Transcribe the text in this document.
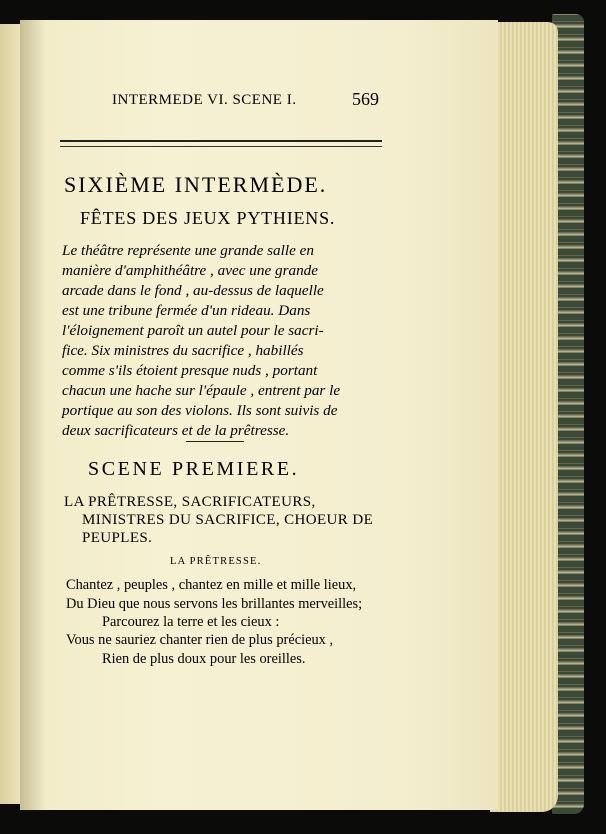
INTERMEDE VI. SCENE I.	569
SIXIÈME INTERMÈDE.
FÊTES DES JEUX PYTHIENS.
Le théâtre représente une grande salle en
manière d'amphithéâtre , avec une grande
arcade dans le fond , au-dessus de laquelle
est une tribune fermée d'un rideau. Dans
l'éloignement paroît un autel pour le sacri-
fice. Six ministres du sacrifice , habillés
comme s'ils étoient presque nuds , portant
chacun une hache sur l'épaule , entrent par le
portique au son des violons. Ils sont suivis de
deux sacrificateurs et de la prêtresse.
SCENE PREMIERE.
LA PRÊTRESSE, SACRIFICATEURS,
MINISTRES DU SACRIFICE, CHOEUR DE
PEUPLES.
LA PRÊTRESSE.
Chantez , peuples , chantez en mille et mille lieux,
Du Dieu que nous servons les brillantes merveilles;
Parcourez la terre et les cieux :
Vous ne sauriez chanter rien de plus précieux ,
Rien de plus doux pour les oreilles.
